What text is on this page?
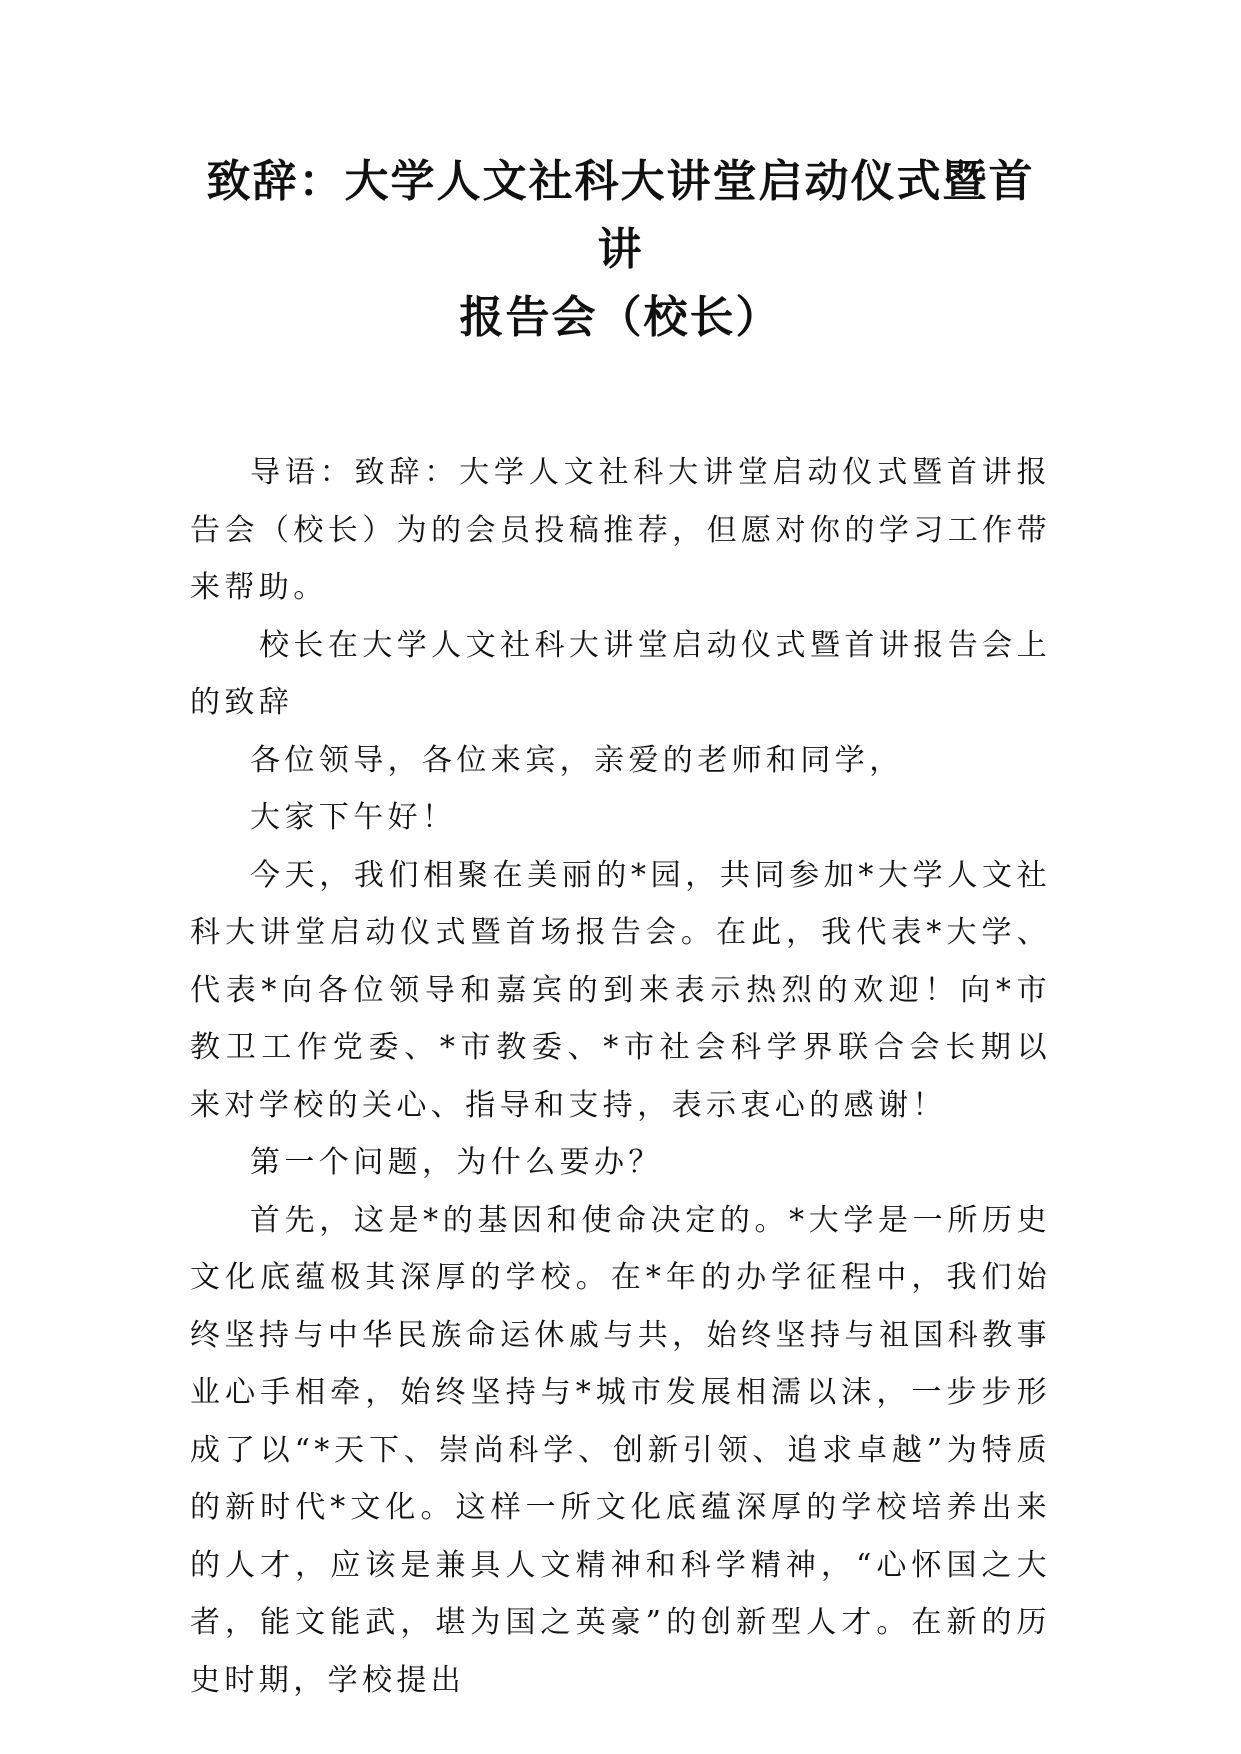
致辞：大学人文社科大讲堂启动仪式暨首讲
报告会（校长）

导语：致辞：大学人文社科大讲堂启动仪式暨首讲报告会（校长）为的会员投稿推荐，但愿对你的学习工作带来帮助。

校长在大学人文社科大讲堂启动仪式暨首讲报告会上的致辞

各位领导，各位来宾，亲爱的老师和同学，

大家下午好！

今天，我们相聚在美丽的*园，共同参加*大学人文社科大讲堂启动仪式暨首场报告会。在此，我代表*大学、代表*向各位领导和嘉宾的到来表示热烈的欢迎！向*市教卫工作党委、*市教委、*市社会科学界联合会长期以来对学校的关心、指导和支持，表示衷心的感谢！

第一个问题，为什么要办？

首先，这是*的基因和使命决定的。*大学是一所历史文化底蕴极其深厚的学校。在*年的办学征程中，我们始终坚持与中华民族命运休戚与共，始终坚持与祖国科教事业心手相牵，始终坚持与*城市发展相濡以沫，一步步形成了以“*天下、崇尚科学、创新引领、追求卓越”为特质的新时代*文化。这样一所文化底蕴深厚的学校培养出来的人才，应该是兼具人文精神和科学精神，“心怀国之大者，能文能武，堪为国之英豪”的创新型人才。在新的历史时期，学校提出
